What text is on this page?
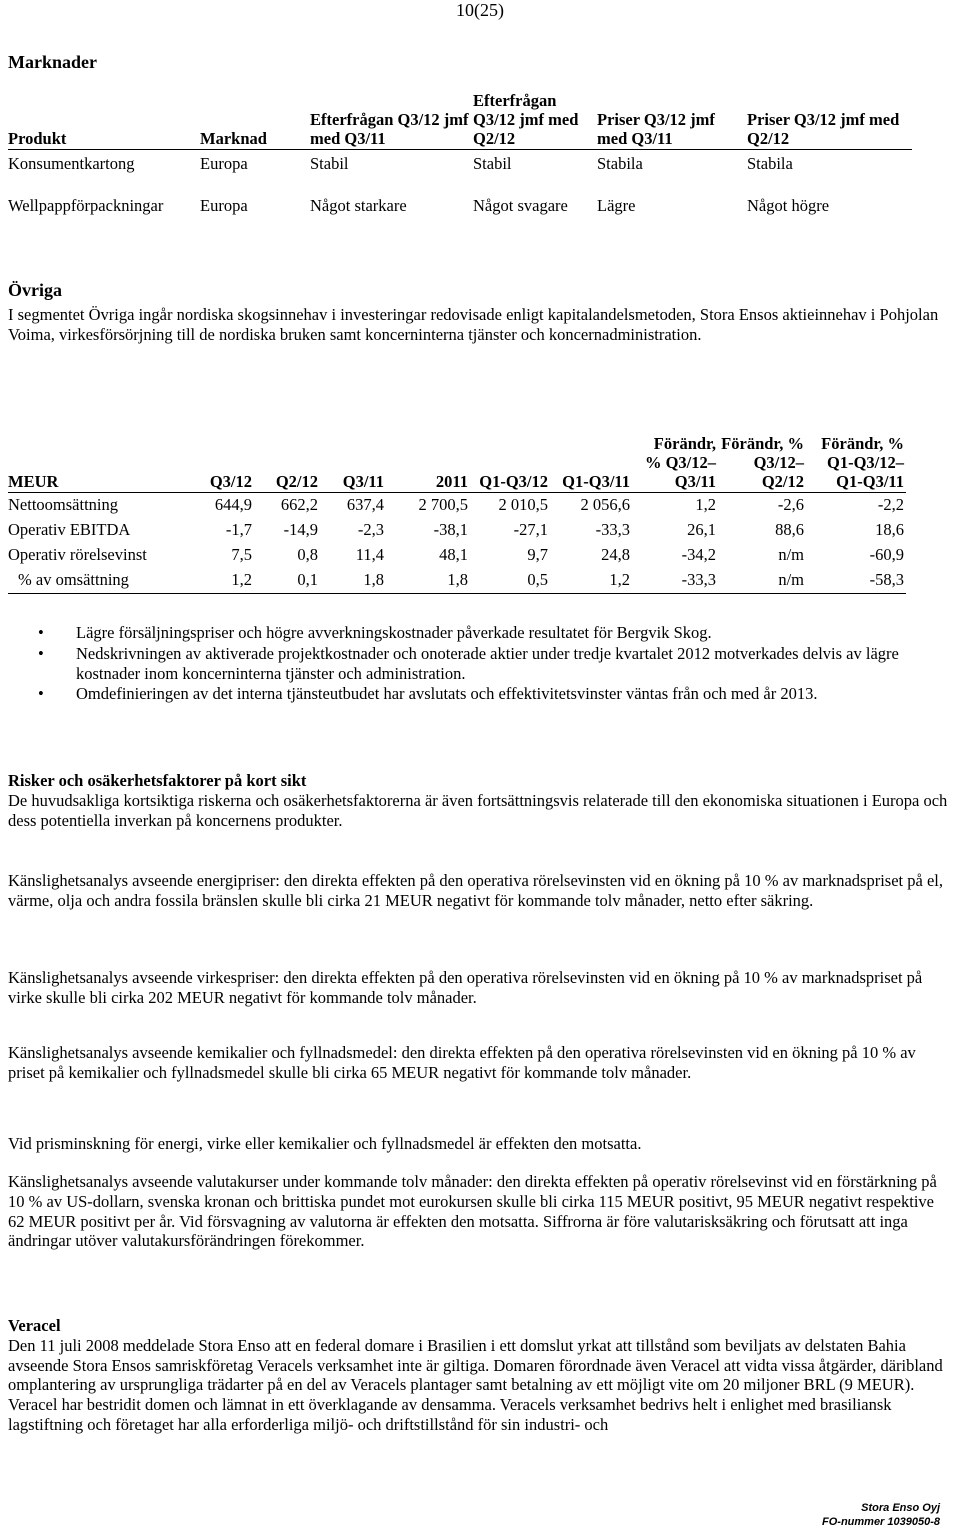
10(25)
Marknader
Produkt	Marknad	Efterfrågan Q3/12 jmf med Q3/11	Efterfrågan Q3/12 jmf med Q2/12	Priser Q3/12 jmf med Q3/11	Priser Q3/12 jmf med Q2/12
Konsumentkartong	Europa	Stabil	Stabil	Stabila	Stabila
Wellpappförpackningar	Europa	Något starkare	Något svagare	Lägre	Något högre
Övriga

I segmentet Övriga ingår nordiska skogsinnehav i investeringar redovisade enligt kapitalandelsmetoden, Stora Ensos aktieinnehav i Pohjolan Voima, virkesförsörjning till de nordiska bruken samt koncerninterna tjänster och koncernadministration.

MEUR	Q3/12	Q2/12	Q3/11	2011	Q1-Q3/12	Q1-Q3/11	Förändr, % Q3/12–Q3/11	Förändr, % Q3/12–Q2/12	Förändr, % Q1-Q3/12–Q1-Q3/11
Nettoomsättning	644,9	662,2	637,4	2 700,5	2 010,5	2 056,6	1,2	-2,6	-2,2
Operativ EBITDA	-1,7	-14,9	-2,3	-38,1	-27,1	-33,3	26,1	88,6	18,6
Operativ rörelsevinst	7,5	0,8	11,4	48,1	9,7	24,8	-34,2	n/m	-60,9
% av omsättning	1,2	0,1	1,8	1,8	0,5	1,2	-33,3	n/m	-58,3
• Lägre försäljningspriser och högre avverkningskostnader påverkade resultatet för Bergvik Skog.
• Nedskrivningen av aktiverade projektkostnader och onoterade aktier under tredje kvartalet 2012 motverkades delvis av lägre kostnader inom koncerninterna tjänster och administration.
• Omdefinieringen av det interna tjänsteutbudet har avslutats och effektivitetsvinster väntas från och med år 2013.

Risker och osäkerhetsfaktorer på kort sikt

De huvudsakliga kortsiktiga riskerna och osäkerhetsfaktorerna är även fortsättningsvis relaterade till den ekonomiska situationen i Europa och dess potentiella inverkan på koncernens produkter.

Känslighetsanalys avseende energipriser: den direkta effekten på den operativa rörelsevinsten vid en ökning på 10 % av marknadspriset på el, värme, olja och andra fossila bränslen skulle bli cirka 21 MEUR negativt för kommande tolv månader, netto efter säkring.
Känslighetsanalys avseende virkespriser: den direkta effekten på den operativa rörelsevinsten vid en ökning på 10 % av marknadspriset på virke skulle bli cirka 202 MEUR negativt för kommande tolv månader.
Känslighetsanalys avseende kemikalier och fyllnadsmedel: den direkta effekten på den operativa rörelsevinsten vid en ökning på 10 % av priset på kemikalier och fyllnadsmedel skulle bli cirka 65 MEUR negativt för kommande tolv månader.
Vid prisminskning för energi, virke eller kemikalier och fyllnadsmedel är effekten den motsatta.
Känslighetsanalys avseende valutakurser under kommande tolv månader: den direkta effekten på operativ rörelsevinst vid en förstärkning på 10 % av US-dollarn, svenska kronan och brittiska pundet mot eurokursen skulle bli cirka 115 MEUR positivt, 95 MEUR negativt respektive 62 MEUR positivt per år. Vid försvagning av valutorna är effekten den motsatta. Siffrorna är före valutarisksäkring och förutsatt att inga ändringar utöver valutakursförändringen förekommer.

Veracel

Den 11 juli 2008 meddelade Stora Enso att en federal domare i Brasilien i ett domslut yrkat att tillstånd som beviljats av delstaten Bahia avseende Stora Ensos samriskföretag Veracels verksamhet inte är giltiga. Domaren förordnade även Veracel att vidta vissa åtgärder, däribland omplantering av ursprungliga trädarter på en del av Veracels plantager samt betalning av ett möjligt vite om 20 miljoner BRL (9 MEUR). Veracel har bestridit domen och lämnat in ett överklagande av densamma. Veracels verksamhet bedrivs helt i enlighet med brasiliansk lagstiftning och företaget har alla erforderliga miljö- och driftstillstånd för sin industri- och

Stora Enso Oyj
FO-nummer 1039050-8
